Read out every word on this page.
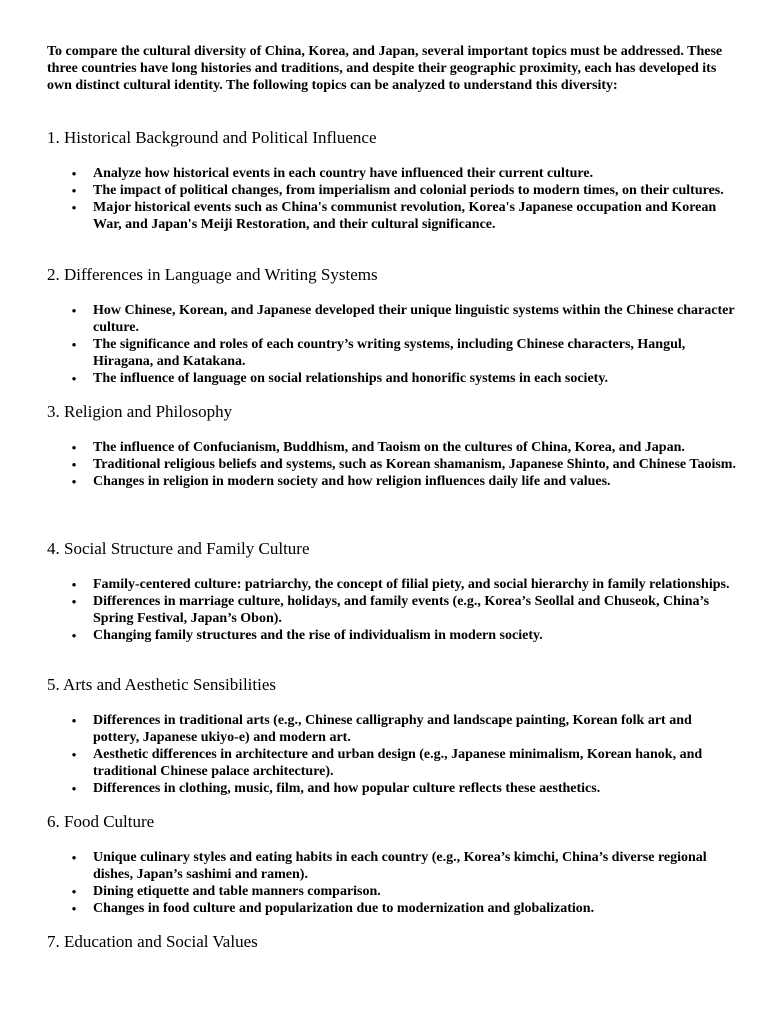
To compare the cultural diversity of China, Korea, and Japan, several important topics must be addressed. These three countries have long histories and traditions, and despite their geographic proximity, each has developed its own distinct cultural identity. The following topics can be analyzed to understand this diversity:

1. Historical Background and Political Influence
• Analyze how historical events in each country have influenced their current culture.
• The impact of political changes, from imperialism and colonial periods to modern times, on their cultures.
• Major historical events such as China's communist revolution, Korea's Japanese occupation and Korean War, and Japan's Meiji Restoration, and their cultural significance.
2. Differences in Language and Writing Systems
• How Chinese, Korean, and Japanese developed their unique linguistic systems within the Chinese character culture.
• The significance and roles of each country’s writing systems, including Chinese characters, Hangul, Hiragana, and Katakana.
• The influence of language on social relationships and honorific systems in each society.
3. Religion and Philosophy
• The influence of Confucianism, Buddhism, and Taoism on the cultures of China, Korea, and Japan.
• Traditional religious beliefs and systems, such as Korean shamanism, Japanese Shinto, and Chinese Taoism.
• Changes in religion in modern society and how religion influences daily life and values.
4. Social Structure and Family Culture
• Family-centered culture: patriarchy, the concept of filial piety, and social hierarchy in family relationships.
• Differences in marriage culture, holidays, and family events (e.g., Korea’s Seollal and Chuseok, China’s Spring Festival, Japan’s Obon).
• Changing family structures and the rise of individualism in modern society.
5. Arts and Aesthetic Sensibilities
• Differences in traditional arts (e.g., Chinese calligraphy and landscape painting, Korean folk art and pottery, Japanese ukiyo-e) and modern art.
• Aesthetic differences in architecture and urban design (e.g., Japanese minimalism, Korean hanok, and traditional Chinese palace architecture).
• Differences in clothing, music, film, and how popular culture reflects these aesthetics.
6. Food Culture
• Unique culinary styles and eating habits in each country (e.g., Korea’s kimchi, China’s diverse regional dishes, Japan’s sashimi and ramen).
• Dining etiquette and table manners comparison.
• Changes in food culture and popularization due to modernization and globalization.
7. Education and Social Values
